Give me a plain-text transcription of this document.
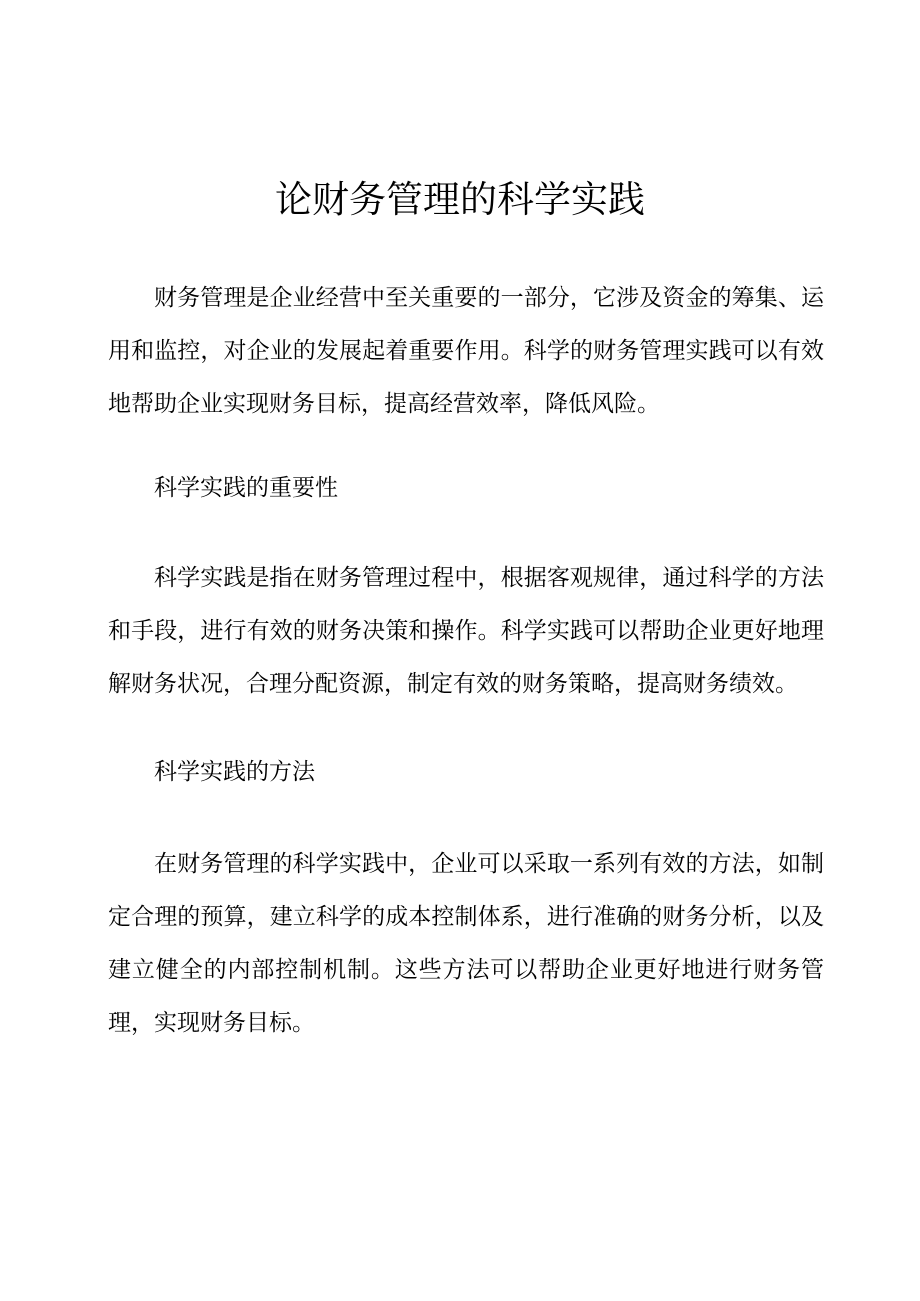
论财务管理的科学实践

财务管理是企业经营中至关重要的一部分，它涉及资金的筹集、运用和监控，对企业的发展起着重要作用。科学的财务管理实践可以有效地帮助企业实现财务目标，提高经营效率，降低风险。

科学实践的重要性

科学实践是指在财务管理过程中，根据客观规律，通过科学的方法和手段，进行有效的财务决策和操作。科学实践可以帮助企业更好地理解财务状况，合理分配资源，制定有效的财务策略，提高财务绩效。

科学实践的方法

在财务管理的科学实践中，企业可以采取一系列有效的方法，如制定合理的预算，建立科学的成本控制体系，进行准确的财务分析，以及建立健全的内部控制机制。这些方法可以帮助企业更好地进行财务管理，实现财务目标。
